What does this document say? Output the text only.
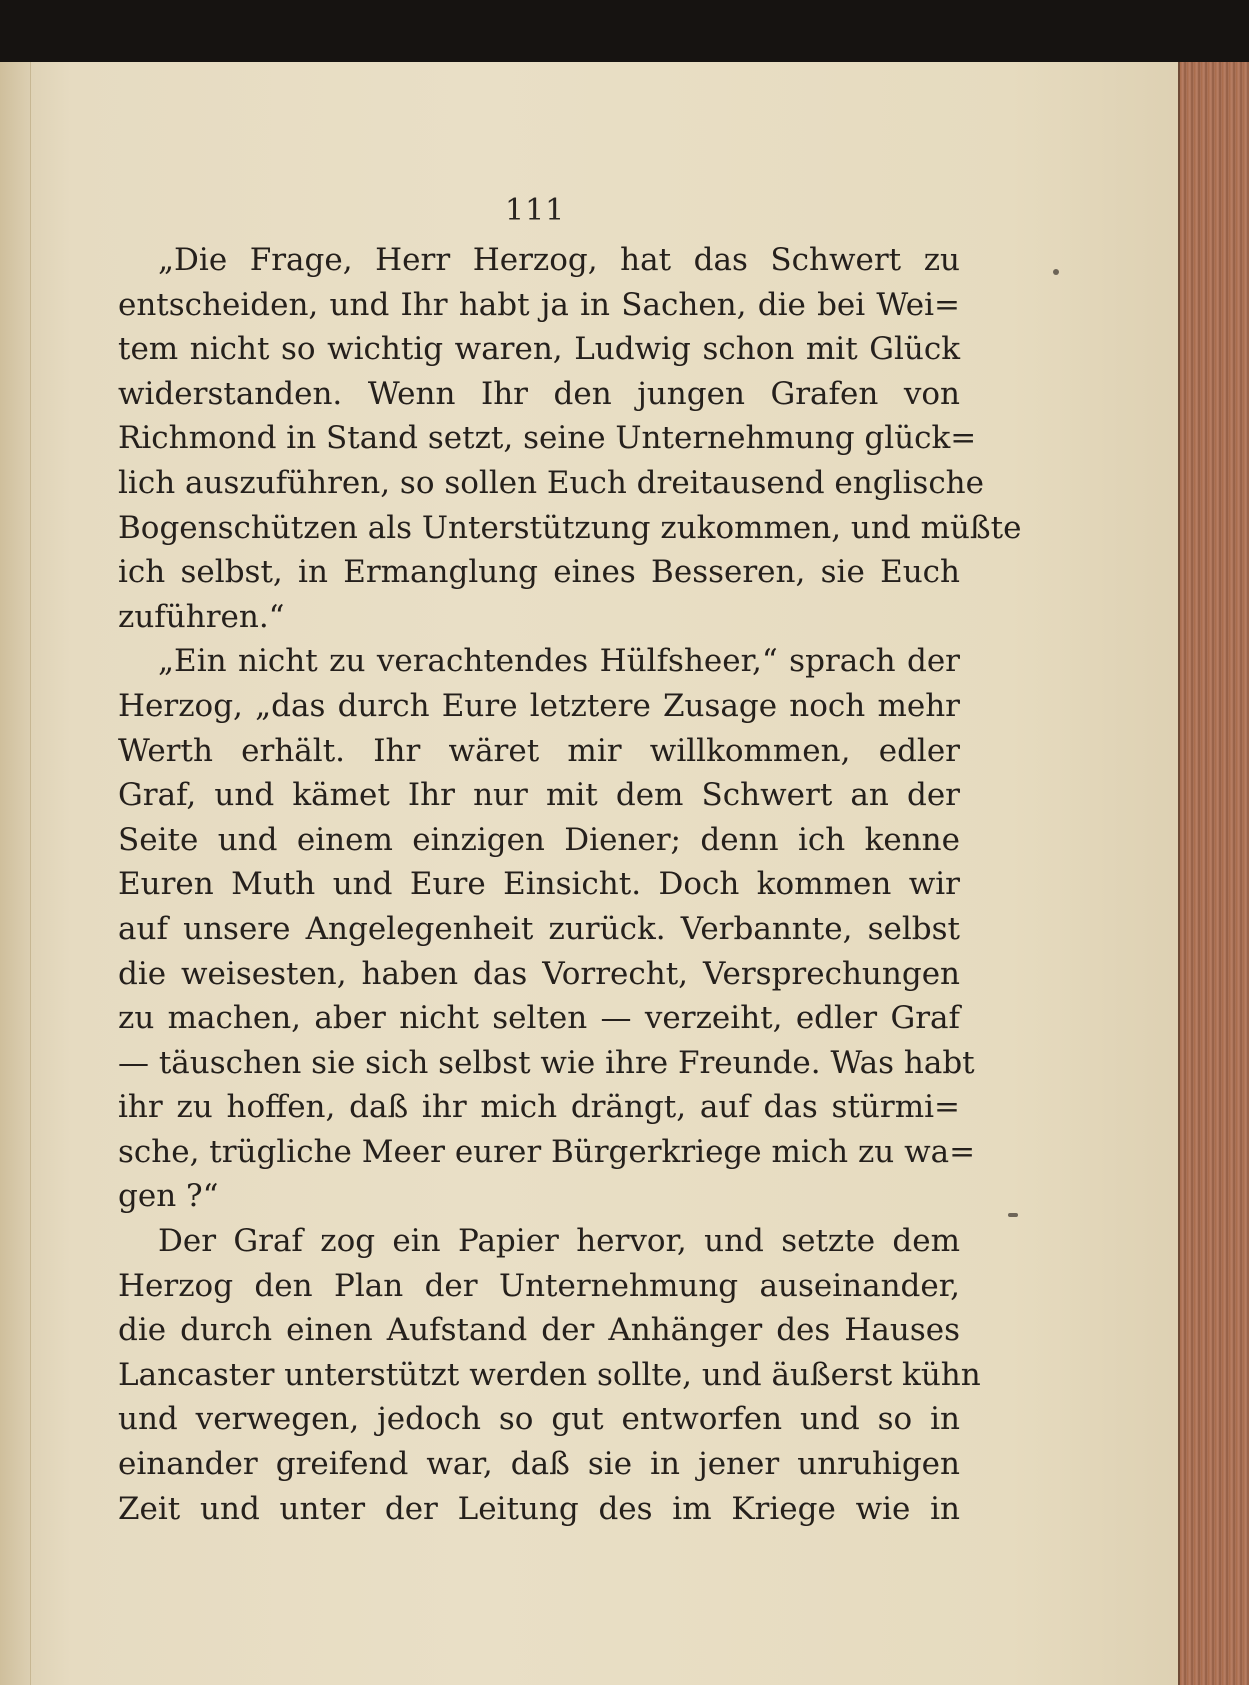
111
„Die Frage, Herr Herzog, hat das Schwert zu
entscheiden, und Ihr habt ja in Sachen, die bei Wei=
tem nicht so wichtig waren, Ludwig schon mit Glück
widerstanden. Wenn Ihr den jungen Grafen von
Richmond in Stand setzt, seine Unternehmung glück=
lich auszuführen, so sollen Euch dreitausend englische
Bogenschützen als Unterstützung zukommen, und müßte
ich selbst, in Ermanglung eines Besseren, sie Euch
zuführen.“
„Ein nicht zu verachtendes Hülfsheer,“ sprach der
Herzog, „das durch Eure letztere Zusage noch mehr
Werth erhält. Ihr wäret mir willkommen, edler
Graf, und kämet Ihr nur mit dem Schwert an der
Seite und einem einzigen Diener; denn ich kenne
Euren Muth und Eure Einsicht. Doch kommen wir
auf unsere Angelegenheit zurück. Verbannte, selbst
die weisesten, haben das Vorrecht, Versprechungen
zu machen, aber nicht selten — verzeiht, edler Graf
— täuschen sie sich selbst wie ihre Freunde. Was habt
ihr zu hoffen, daß ihr mich drängt, auf das stürmi=
sche, trügliche Meer eurer Bürgerkriege mich zu wa=
gen ?“
Der Graf zog ein Papier hervor, und setzte dem
Herzog den Plan der Unternehmung auseinander,
die durch einen Aufstand der Anhänger des Hauses
Lancaster unterstützt werden sollte, und äußerst kühn
und verwegen, jedoch so gut entworfen und so in
einander greifend war, daß sie in jener unruhigen
Zeit und unter der Leitung des im Kriege wie in
